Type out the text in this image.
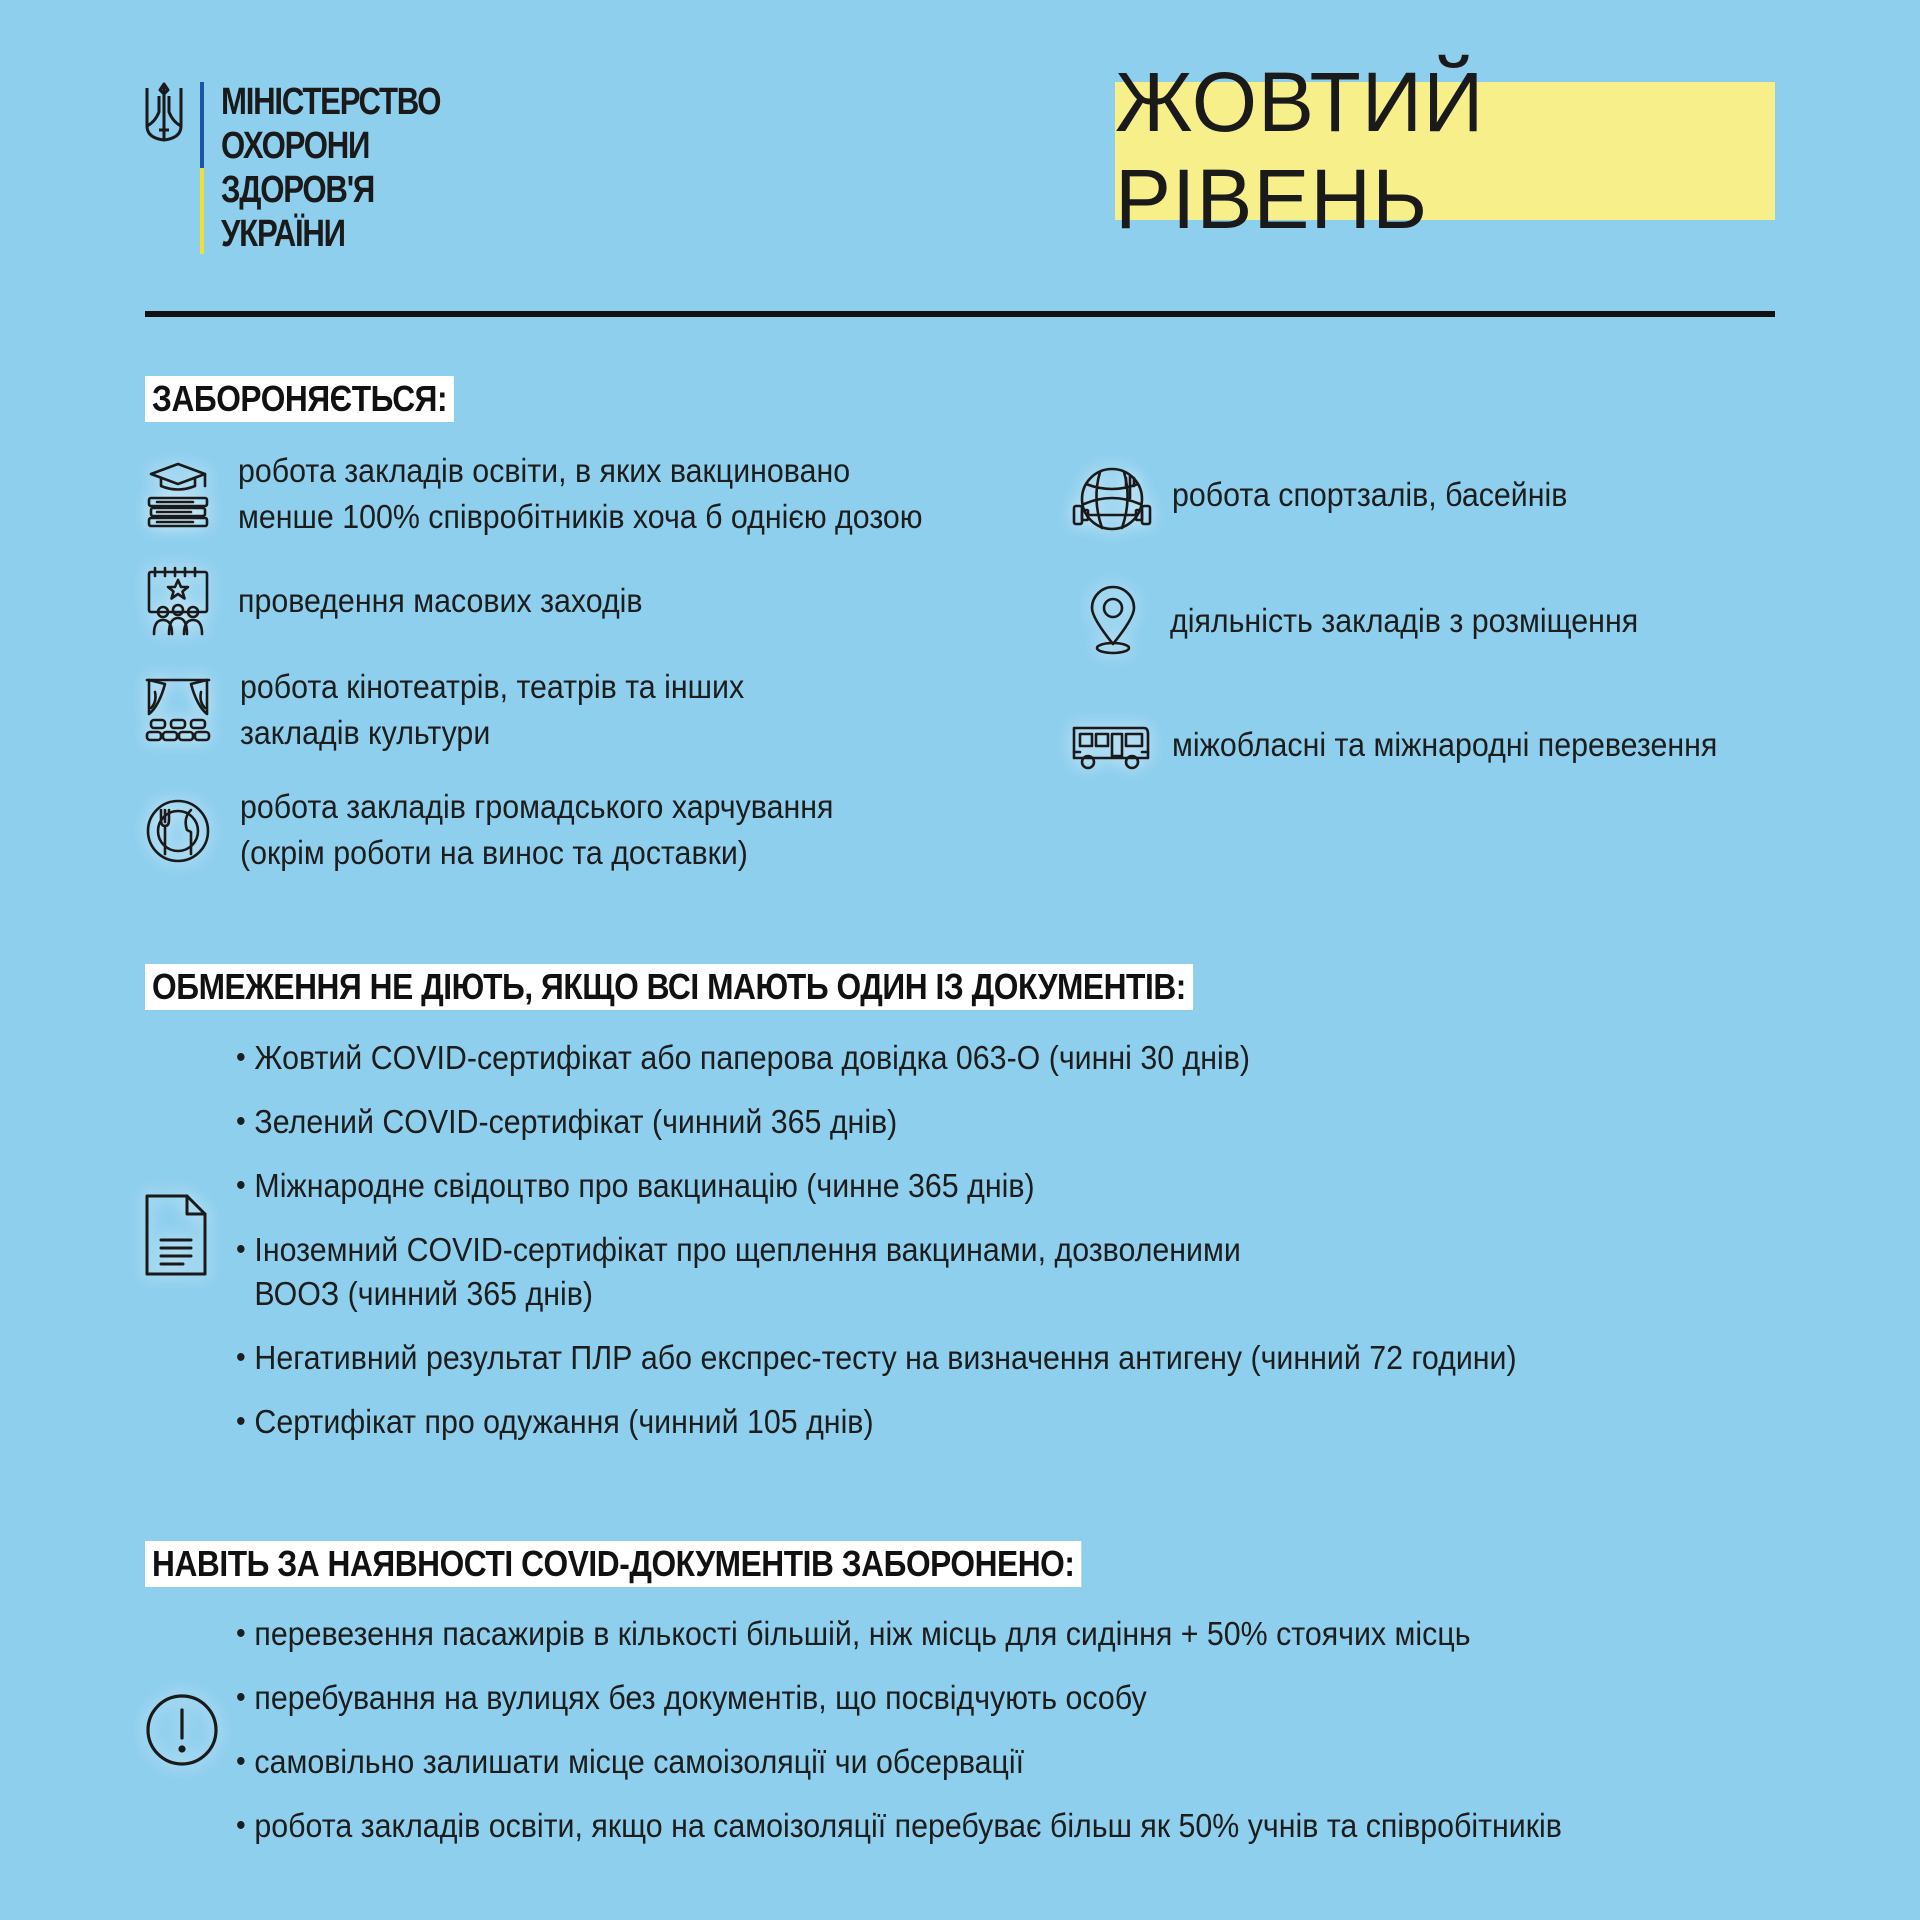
МІНІСТЕРСТВО
ОХОРОНИ
ЗДОРОВ'Я
УКРАЇНИ

ЖОВТИЙ РІВЕНЬ
ЗАБОРОНЯЄТЬСЯ:
робота закладів освіти, в яких вакциновано
менше 100% співробітників хоча б однією дозою
проведення масових заходів
робота кінотеатрів, театрів та інших
закладів культури
робота закладів громадського харчування
(окрім роботи на винос та доставки)
робота спортзалів, басейнів
діяльність закладів з розміщення
міжобласні та міжнародні перевезення
ОБМЕЖЕННЯ НЕ ДІЮТЬ, ЯКЩО ВСІ МАЮТЬ ОДИН ІЗ ДОКУМЕНТІВ:
• Жовтий COVID-сертифікат або паперова довідка 063-О (чинні 30 днів)
• Зелений COVID-сертифікат (чинний 365 днів)
• Міжнародне свідоцтво про вакцинацію (чинне 365 днів)
• Іноземний COVID-сертифікат про щеплення вакцинами, дозволеними
ВООЗ (чинний 365 днів)
• Негативний результат ПЛР або експрес-тесту на визначення антигену (чинний 72 години)
• Сертифікат про одужання (чинний 105 днів)
НАВІТЬ ЗА НАЯВНОСТІ COVID-ДОКУМЕНТІВ ЗАБОРОНЕНО:
• перевезення пасажирів в кількості більшій, ніж місць для сидіння + 50% стоячих місць
• перебування на вулицях без документів, що посвідчують особу
• самовільно залишати місце самоізоляції чи обсервації
• робота закладів освіти, якщо на самоізоляції перебуває більш як 50% учнів та співробітників
